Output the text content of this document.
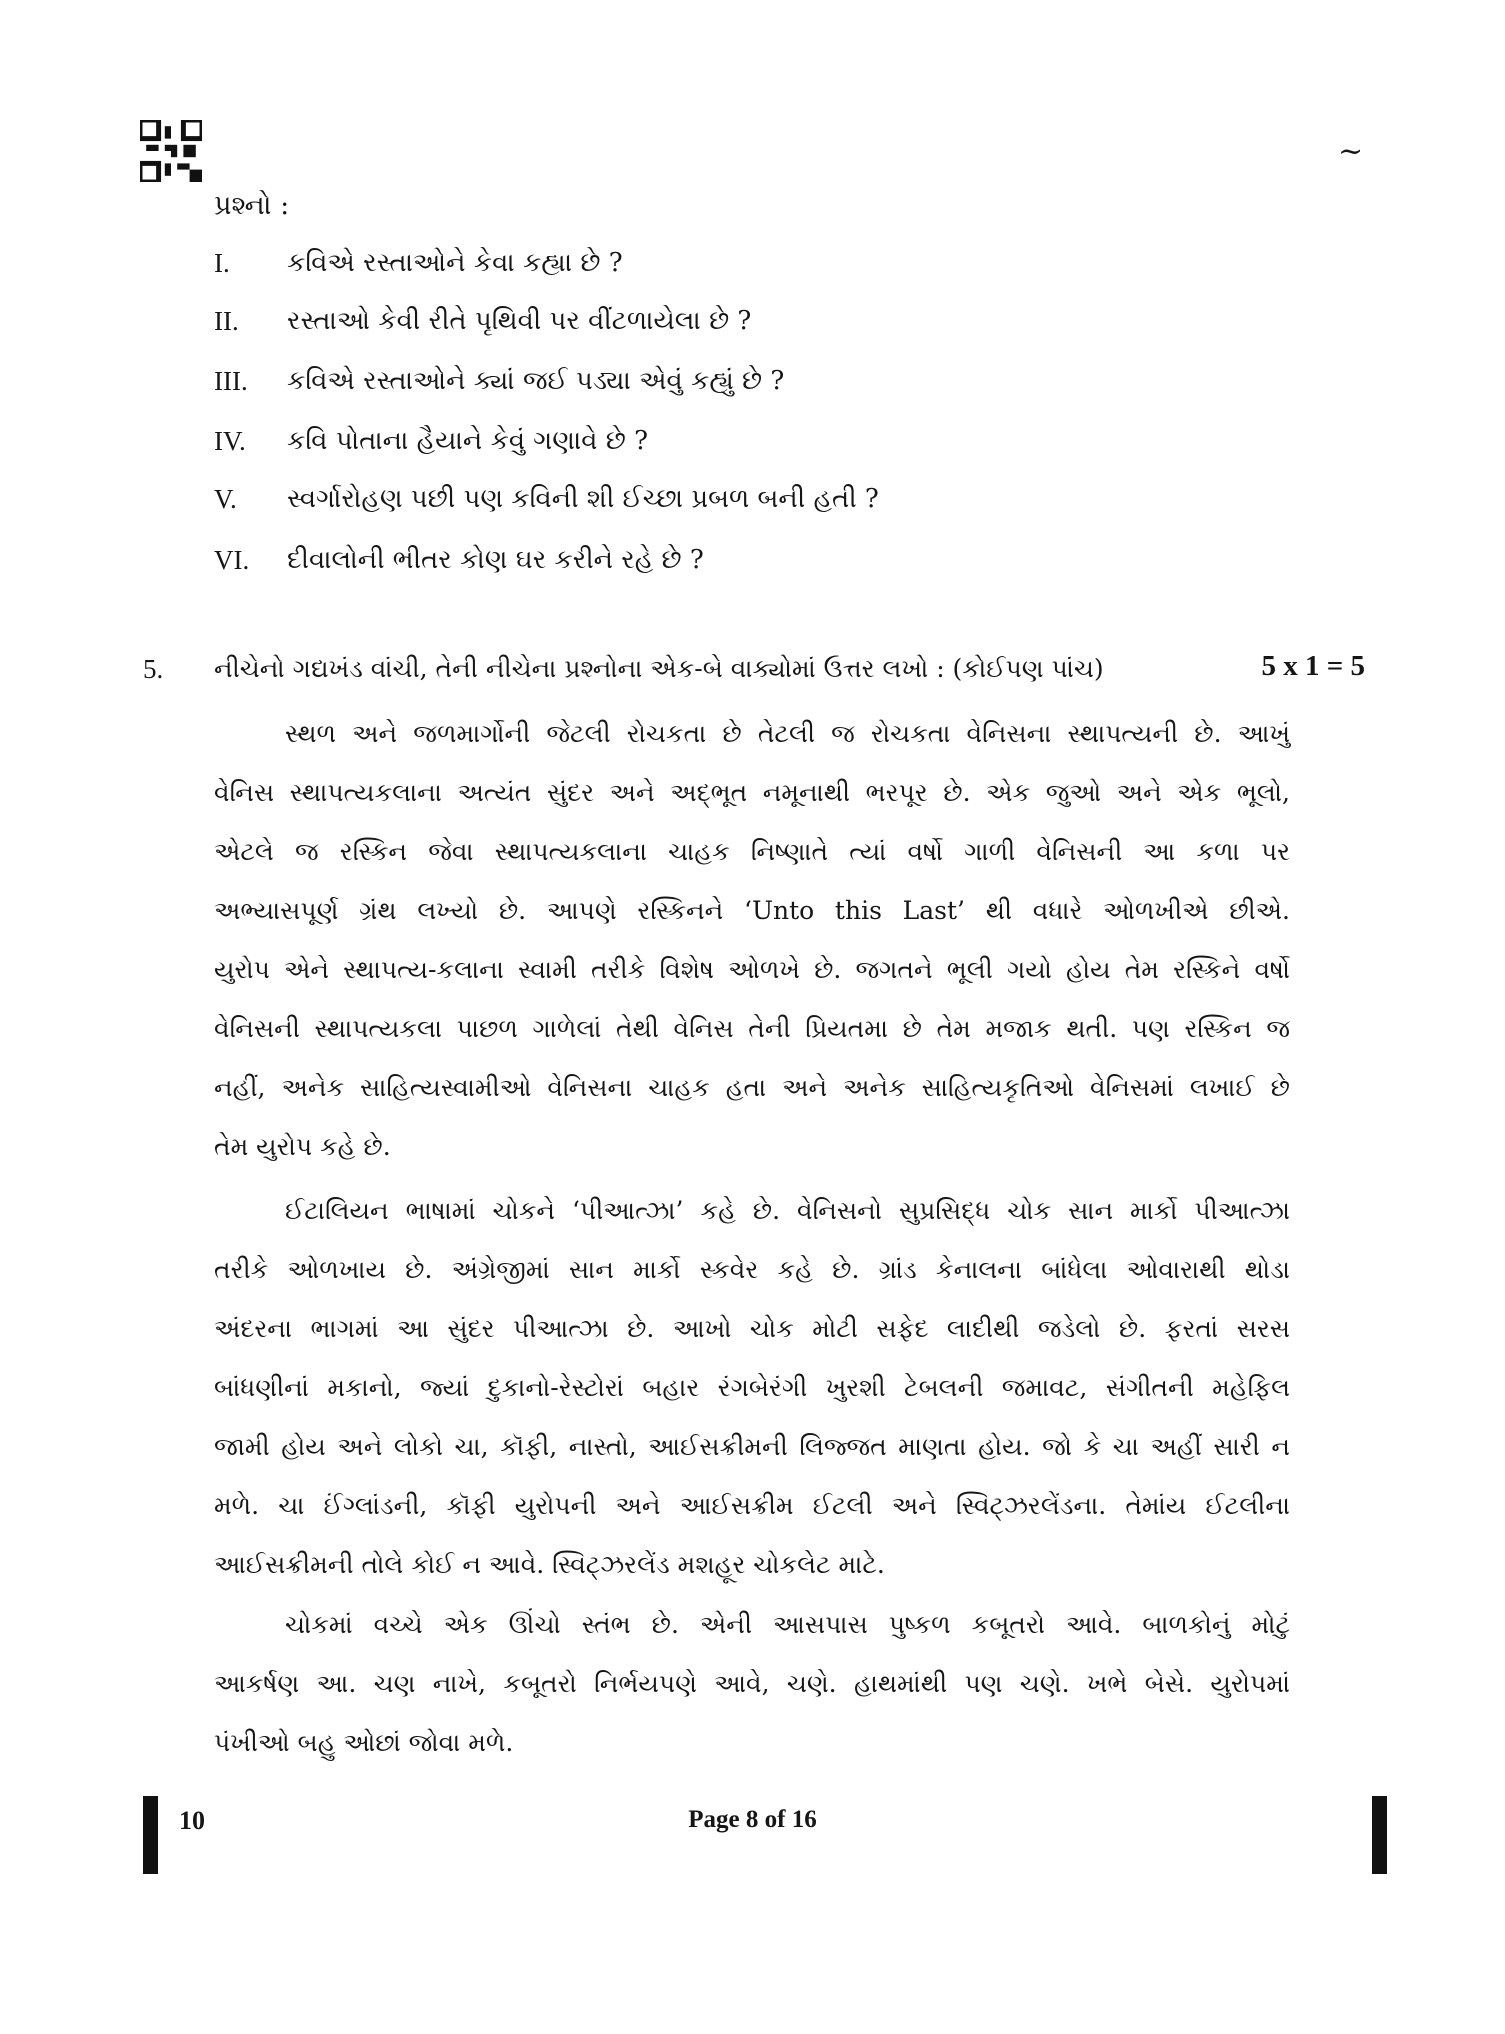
~
પ્રશ્નો :
I. કવિએ રસ્તાઓને કેવા કહ્યા છે ?
II. રસ્તાઓ કેવી રીતે પૃથિવી પર વીંટળાયેલા છે ?
III. કવિએ રસ્તાઓને ક્યાં જઈ પડ્યા એવું કહ્યું છે ?
IV. કવિ પોતાના હૈયાને કેવું ગણાવે છે ?
V. સ્વર્ગારોહણ પછી પણ કવિની શી ઈચ્છા પ્રબળ બની હતી ?
VI. દીવાલોની ભીતર કોણ ઘર કરીને રહે છે ?
5. નીચેનો ગદ્યખંડ વાંચી, તેની નીચેના પ્રશ્નોના એક-બે વાક્યોમાં ઉત્તર લખો : (કોઈપણ પાંચ)	5 x 1 = 5
સ્થળ અને જળમાર્ગોની જેટલી રોચકતા છે તેટલી જ રોચકતા વેનિસના સ્થાપત્યની છે. આખું
વેનિસ સ્થાપત્યકલાના અત્યંત સુંદર અને અદ્ભૂત નમૂનાથી ભરપૂર છે. એક જુઓ અને એક ભૂલો,
એટલે જ રસ્કિન જેવા સ્થાપત્યકલાના ચાહક નિષ્ણાતે ત્યાં વર્ષો ગાળી વેનિસની આ કળા પર
અભ્યાસપૂર્ણ ગ્રંથ લખ્યો છે. આપણે રસ્કિનને ‘Unto this Last’ થી વધારે ઓળખીએ છીએ.
યુરોપ એને સ્થાપત્ય-કલાના સ્વામી તરીકે વિશેષ ઓળખે છે. જગતને ભૂલી ગયો હોય તેમ રસ્કિને વર્ષો
વેનિસની સ્થાપત્યકલા પાછળ ગાળેલાં તેથી વેનિસ તેની પ્રિયતમા છે તેમ મજાક થતી. પણ રસ્કિન જ
નહીં, અનેક સાહિત્યસ્વામીઓ વેનિસના ચાહક હતા અને અનેક સાહિત્યકૃતિઓ વેનિસમાં લખાઈ છે
તેમ યુરોપ કહે છે.
ઈટાલિયન ભાષામાં ચોકને ‘પીઆત્ઝા’ કહે છે. વેનિસનો સુપ્રસિદ્ધ ચોક સાન માર્કો પીઆત્ઝા
તરીકે ઓળખાય છે. અંગ્રેજીમાં સાન માર્કો સ્કવેર કહે છે. ગ્રાંડ કેનાલના બાંધેલા ઓવારાથી થોડા
અંદરના ભાગમાં આ સુંદર પીઆત્ઝા છે. આખો ચોક મોટી સફેદ લાદીથી જડેલો છે. ફરતાં સરસ
બાંધણીનાં મકાનો, જ્યાં દુકાનો-રેસ્ટોરાં બહાર રંગબેરંગી ખુરશી ટેબલની જમાવટ, સંગીતની મહેફિલ
જામી હોય અને લોકો ચા, કૉફી, નાસ્તો, આઈસક્રીમની લિજ્જત માણતા હોય. જો કે ચા અહીં સારી ન
મળે. ચા ઈંગ્લાંડની, કૉફી યુરોપની અને આઈસક્રીમ ઈટલી અને સ્વિટ્ઝરલેંડના. તેમાંય ઈટલીના
આઈસક્રીમની તોલે કોઈ ન આવે. સ્વિટ્ઝરલેંડ મશહૂર ચોકલેટ માટે.
ચોકમાં વચ્ચે એક ઊંચો સ્તંભ છે. એની આસપાસ પુષ્કળ કબૂતરો આવે. બાળકોનું મોટું
આકર્ષણ આ. ચણ નાખે, કબૂતરો નિર્ભયપણે આવે, ચણે. હાથમાંથી પણ ચણે. ખભે બેસે. યુરોપમાં
પંખીઓ બહુ ઓછાં જોવા મળે.
10	Page 8 of 16
